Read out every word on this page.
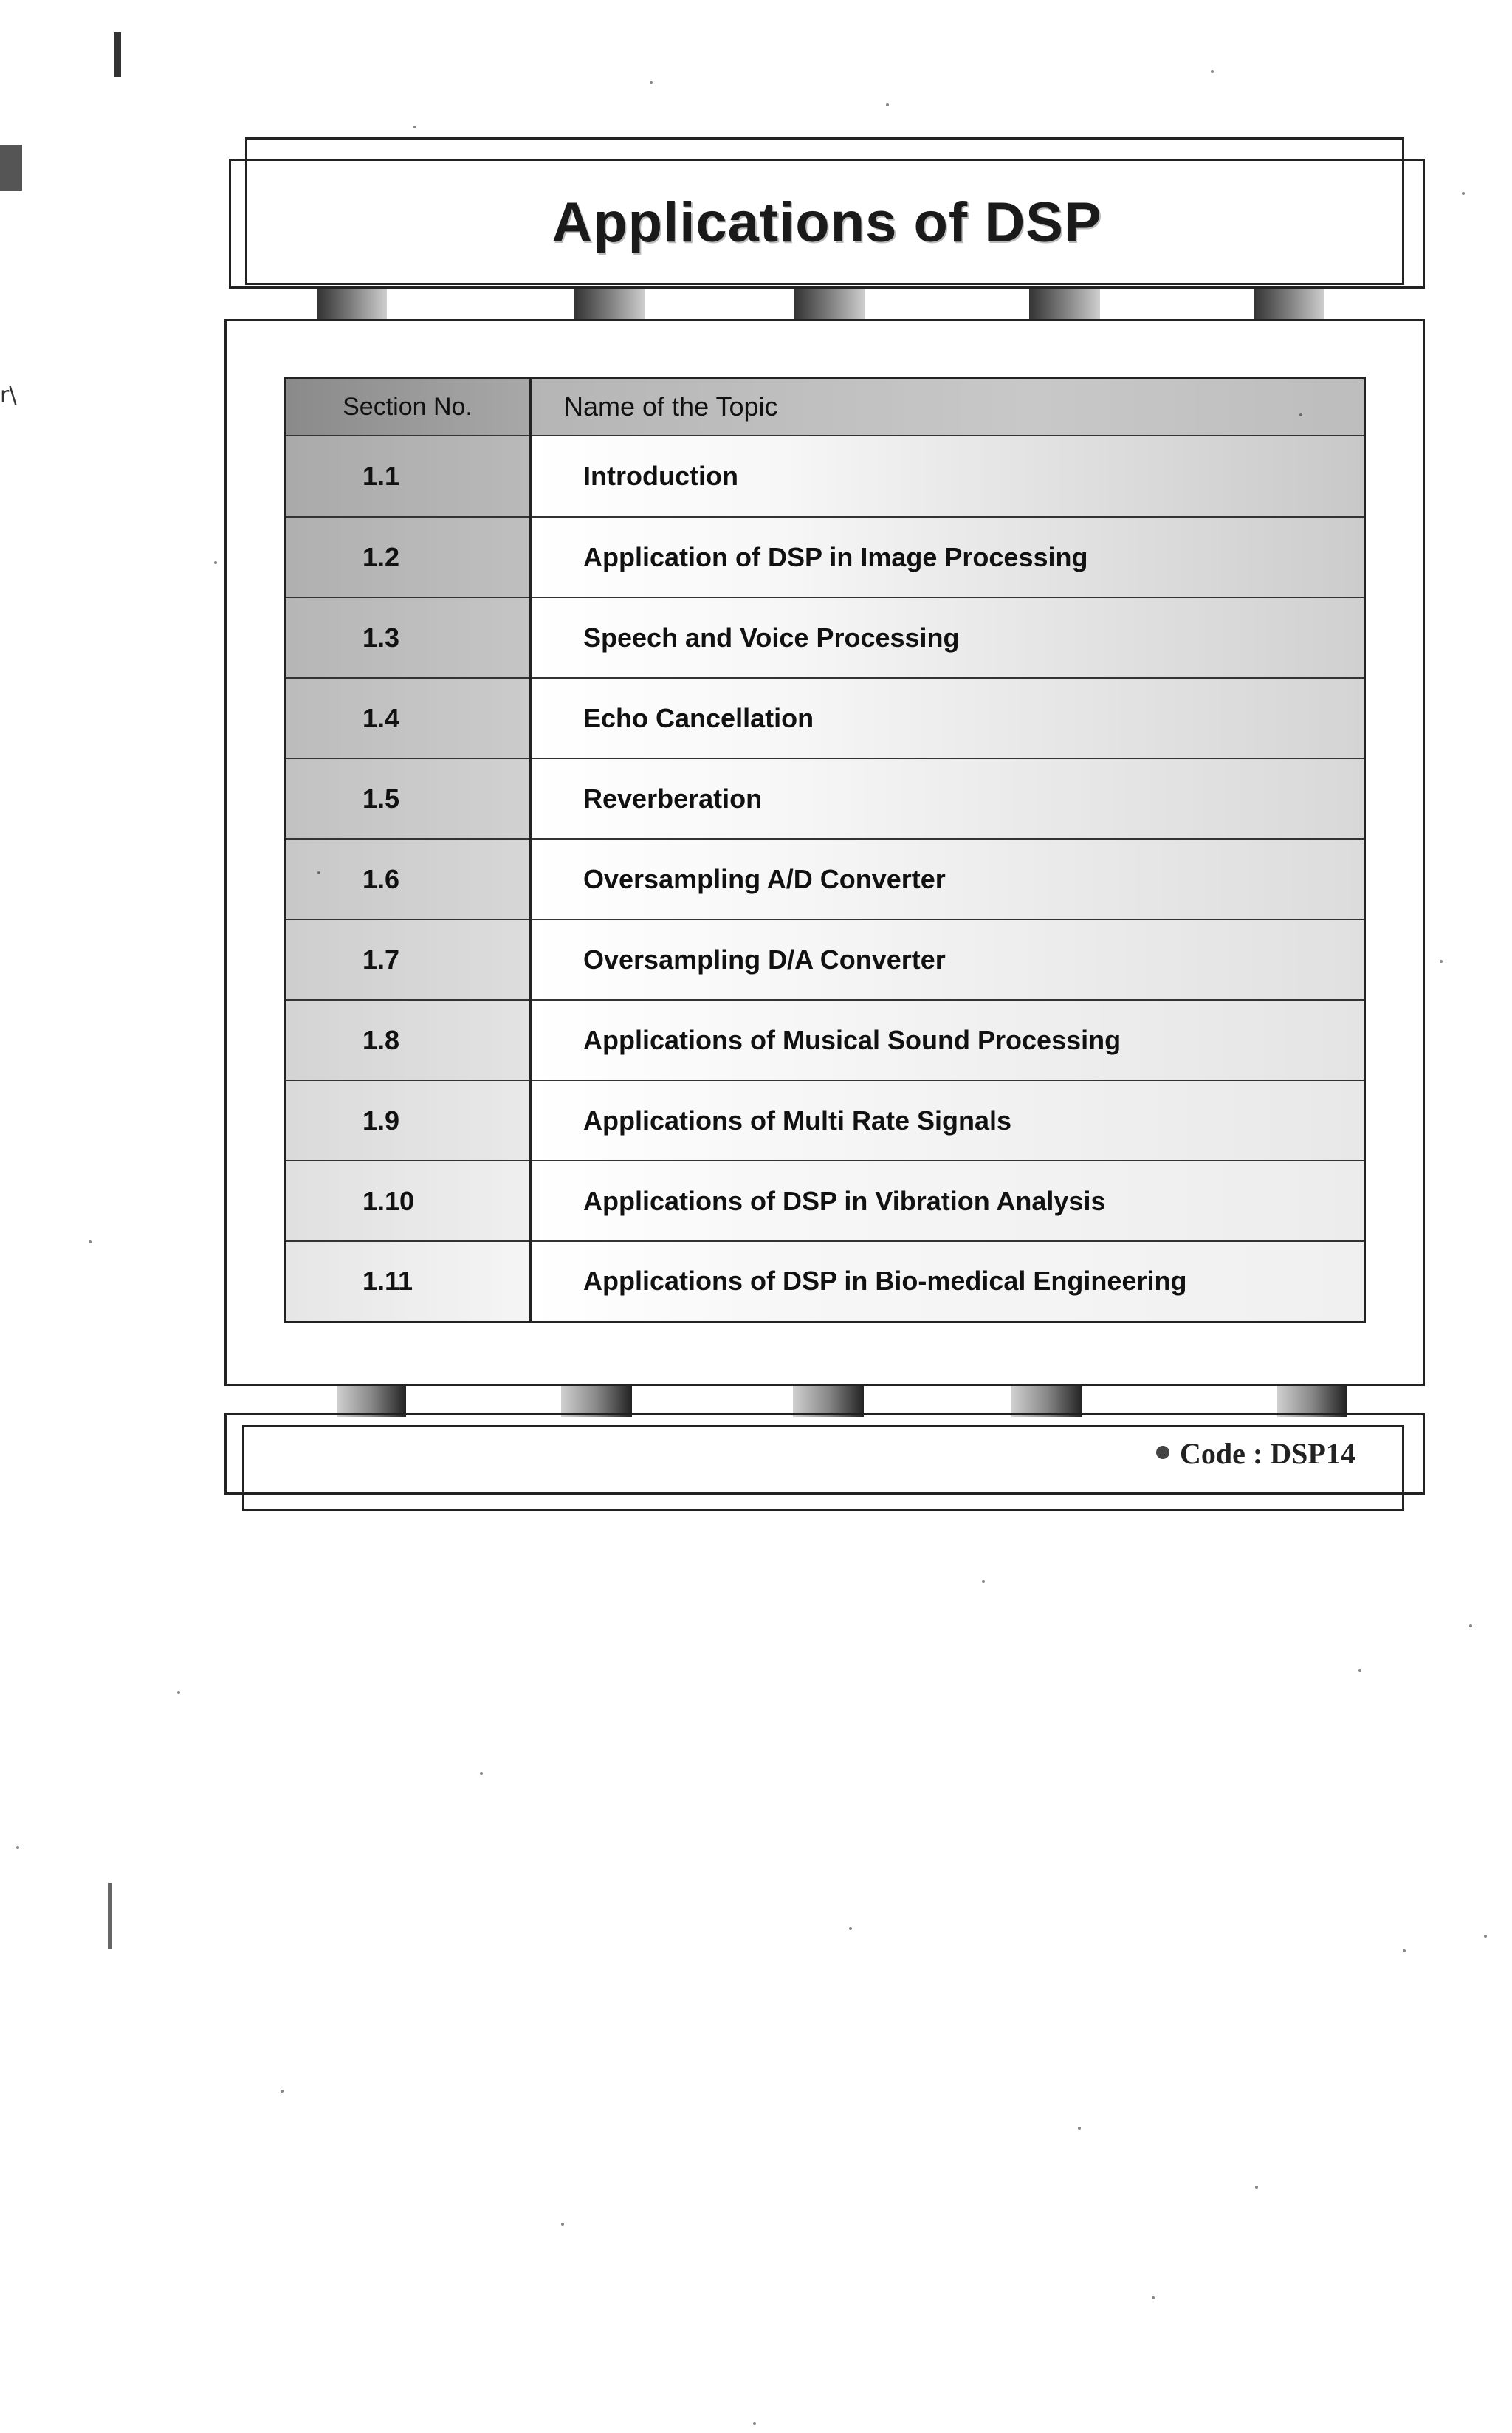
r\
Applications of DSP
Section No.	Name of the Topic
1.1	Introduction
1.2	Application of DSP in Image Processing
1.3	Speech and Voice Processing
1.4	Echo Cancellation
1.5	Reverberation
1.6	Oversampling A/D Converter
1.7	Oversampling D/A Converter
1.8	Applications of Musical Sound Processing
1.9	Applications of Multi Rate Signals
1.10	Applications of DSP in Vibration Analysis
1.11	Applications of DSP in Bio-medical Engineering
Code : DSP14
